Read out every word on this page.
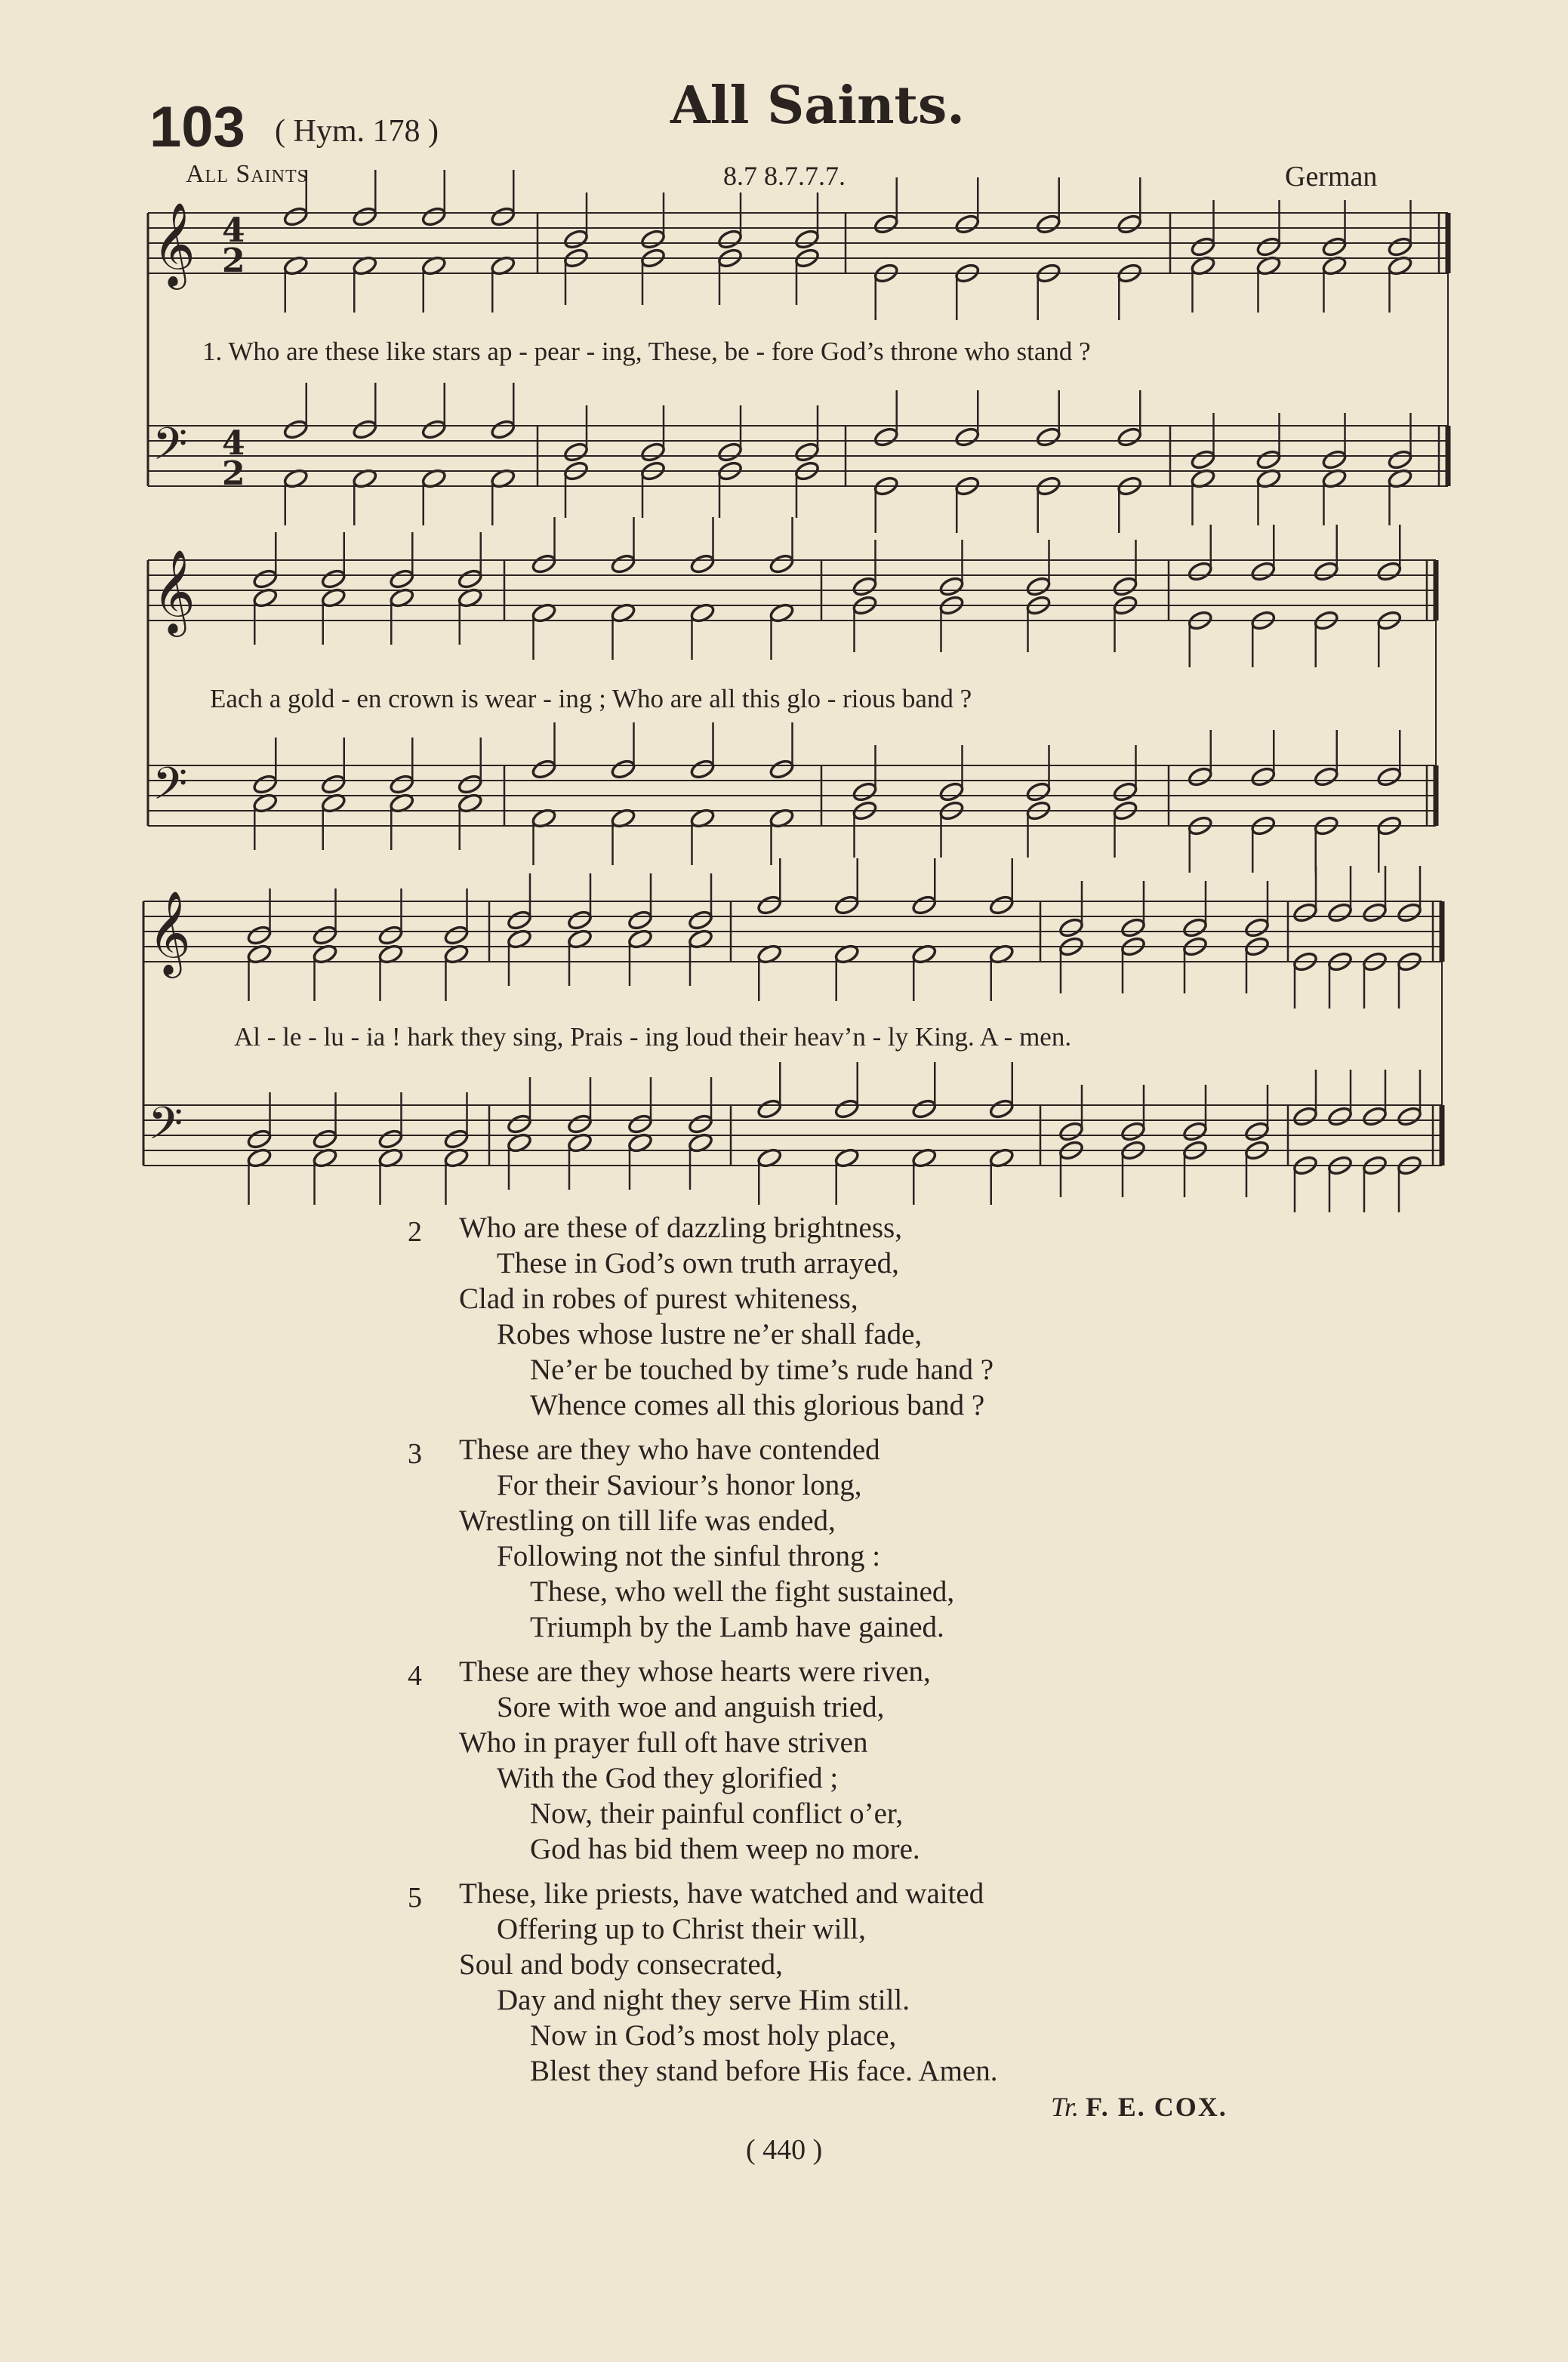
103 ( Hym. 178 )	All Saints.
All Saints	8.7 8.7.7.7.	German
𝄞 4
2
𝄢 4
2
𝄞
𝄢
𝄞
𝄢
1. Who are these like stars ap - pear - ing, These, be - fore God’s throne who stand ?
Each a gold - en crown is wear - ing ; Who are all this glo - rious band ?
Al - le - lu - ia ! hark they sing, Prais - ing loud their heav’n - ly King. A - men.
2 Who are these of dazzling brightness,
These in God’s own truth arrayed,
Clad in robes of purest whiteness,
Robes whose lustre ne’er shall fade,
Ne’er be touched by time’s rude hand ?
Whence comes all this glorious band ?
3 These are they who have contended
For their Saviour’s honor long,
Wrestling on till life was ended,
Following not the sinful throng :
These, who well the fight sustained,
Triumph by the Lamb have gained.
4 These are they whose hearts were riven,
Sore with woe and anguish tried,
Who in prayer full oft have striven
With the God they glorified ;
Now, their painful conflict o’er,
God has bid them weep no more.
5 These, like priests, have watched and waited
Offering up to Christ their will,
Soul and body consecrated,
Day and night they serve Him still.
Now in God’s most holy place,
Blest they stand before His face. Amen.
Tr. F. E. COX.
( 440 )
